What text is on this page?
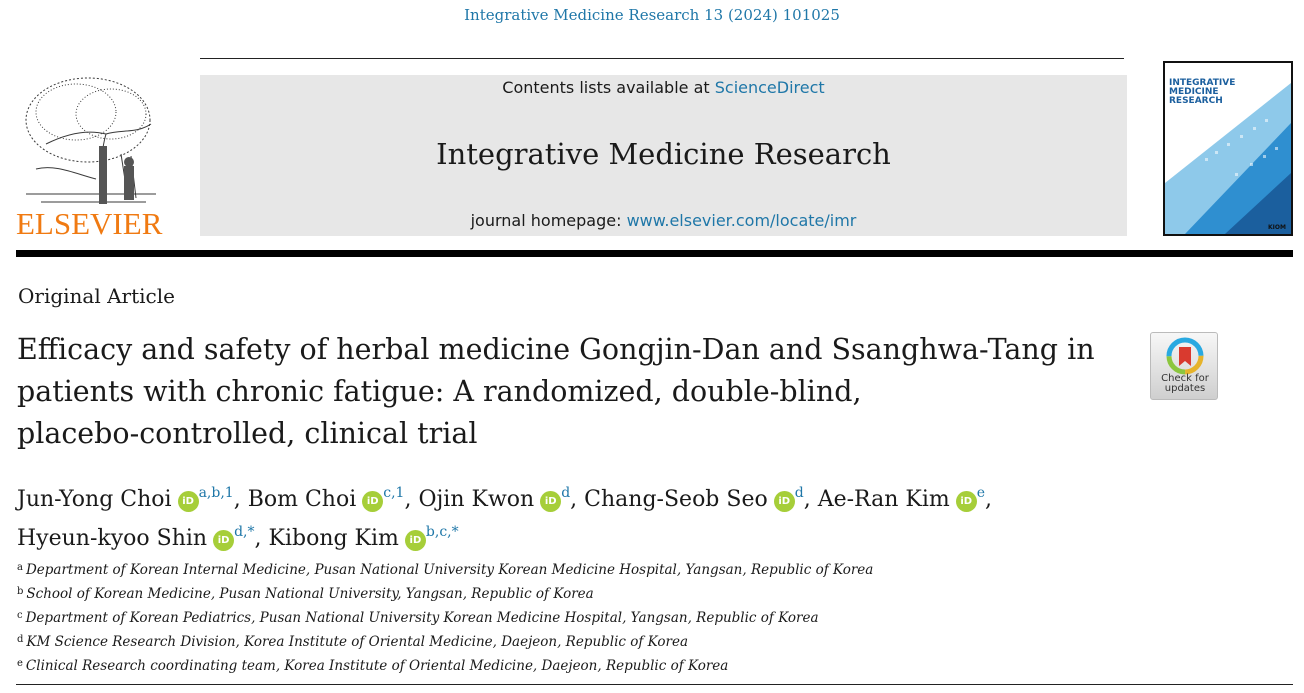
Integrative Medicine Research 13 (2024) 101025
ELSEVIER
Contents lists available at ScienceDirect
Integrative Medicine Research
journal homepage: www.elsevier.com/locate/imr
INTEGRATIVE
MEDICINE
RESEARCH
KIOM
Original Article
Efficacy and safety of herbal medicine Gongjin-Dan and Ssanghwa-Tang in
patients with chronic fatigue: A randomized, double-blind,
placebo-controlled, clinical trial
Check for
updates
Jun-Yong Choi iD$^{a,b,1}$, Bom Choi iD$^{c,1}$, Ojin Kwon iD$^d$, Chang-Seob Seo iD$^d$, Ae-Ran Kim iD$^e$,
Hyeun-kyoo Shin iD$^{d,*}$, Kibong Kim iD$^{b,c,*}$
$^a$ Department of Korean Internal Medicine, Pusan National University Korean Medicine Hospital, Yangsan, Republic of Korea
$^b$ School of Korean Medicine, Pusan National University, Yangsan, Republic of Korea
$^c$ Department of Korean Pediatrics, Pusan National University Korean Medicine Hospital, Yangsan, Republic of Korea
$^d$ KM Science Research Division, Korea Institute of Oriental Medicine, Daejeon, Republic of Korea
$^e$ Clinical Research coordinating team, Korea Institute of Oriental Medicine, Daejeon, Republic of Korea
